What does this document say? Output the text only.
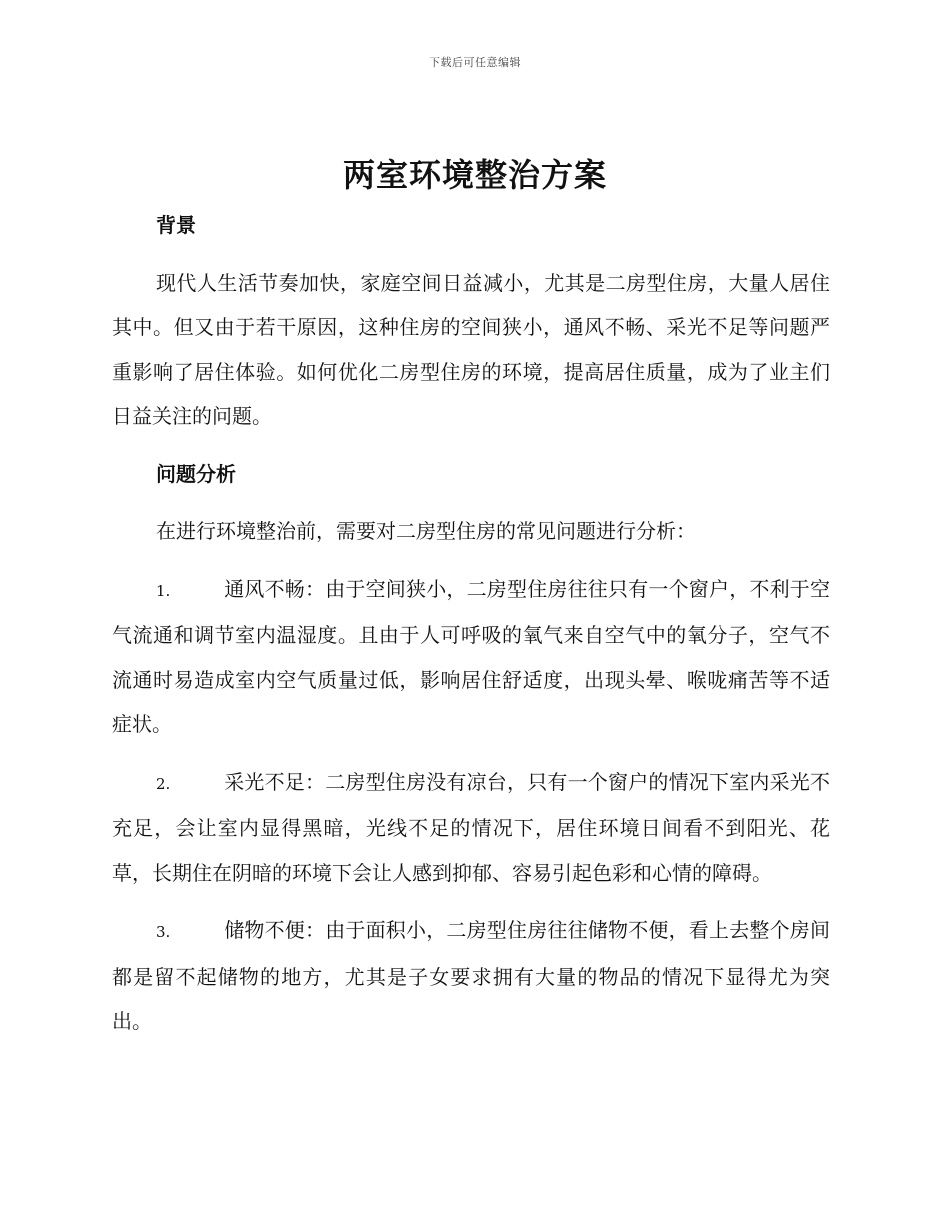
下载后可任意编辑
两室环境整治方案
背景

现代人生活节奏加快，家庭空间日益减小，尤其是二房型住房，大量人居住其中。但又由于若干原因，这种住房的空间狭小，通风不畅、采光不足等问题严重影响了居住体验。如何优化二房型住房的环境，提高居住质量，成为了业主们日益关注的问题。

问题分析

在进行环境整治前，需要对二房型住房的常见问题进行分析：

1.	通风不畅：由于空间狭小，二房型住房往往只有一个窗户，不利于空气流通和调节室内温湿度。且由于人可呼吸的氧气来自空气中的氧分子，空气不流通时易造成室内空气质量过低，影响居住舒适度，出现头晕、喉咙痛苦等不适症状。

2.	采光不足：二房型住房没有凉台，只有一个窗户的情况下室内采光不充足，会让室内显得黑暗，光线不足的情况下，居住环境日间看不到阳光、花草，长期住在阴暗的环境下会让人感到抑郁、容易引起色彩和心情的障碍。

3.	储物不便：由于面积小，二房型住房往往储物不便，看上去整个房间都是留不起储物的地方，尤其是子女要求拥有大量的物品的情况下显得尤为突出。
